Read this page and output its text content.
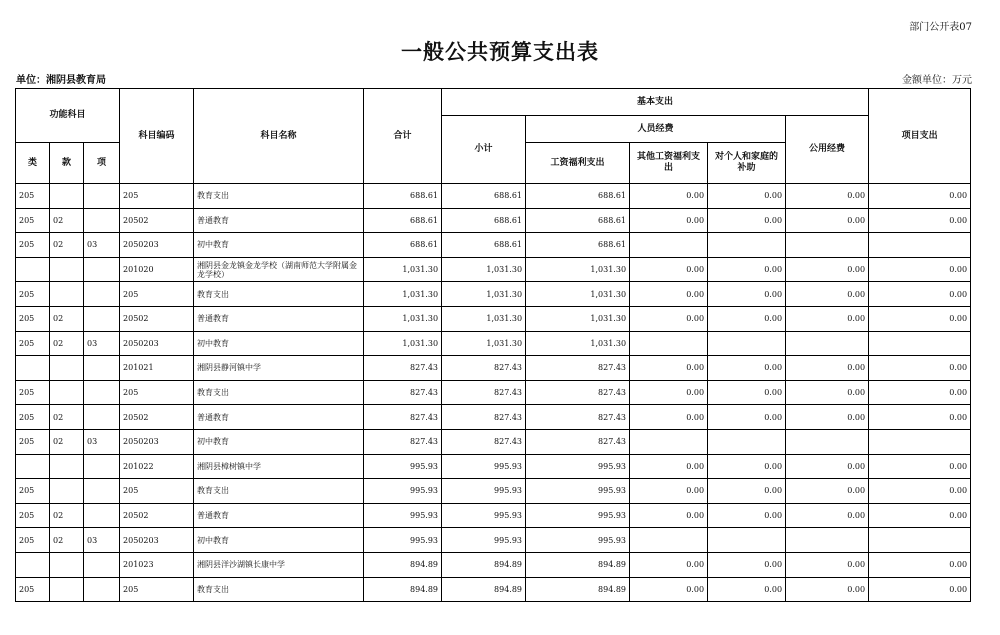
部门公开表07
一般公共预算支出表
单位：湘阴县教育局	金额单位：万元
功能科目			科目编码	科目名称	合计	基本支出					项目支出
						小计	人员经费			公用经费	
类	款	项					工资福利支出	其他工资福利支出	对个人和家庭的补助		
205			205	教育支出	688.61	688.61	688.61	0.00	0.00	0.00	0.00
205	02		20502	普通教育	688.61	688.61	688.61	0.00	0.00	0.00	0.00
205	02	03	2050203	初中教育	688.61	688.61	688.61				
			201020	湘阴县金龙镇金龙学校（湖南师范大学附属金龙学校）	1,031.30	1,031.30	1,031.30	0.00	0.00	0.00	0.00
205			205	教育支出	1,031.30	1,031.30	1,031.30	0.00	0.00	0.00	0.00
205	02		20502	普通教育	1,031.30	1,031.30	1,031.30	0.00	0.00	0.00	0.00
205	02	03	2050203	初中教育	1,031.30	1,031.30	1,031.30				
			201021	湘阴县静河镇中学	827.43	827.43	827.43	0.00	0.00	0.00	0.00
205			205	教育支出	827.43	827.43	827.43	0.00	0.00	0.00	0.00
205	02		20502	普通教育	827.43	827.43	827.43	0.00	0.00	0.00	0.00
205	02	03	2050203	初中教育	827.43	827.43	827.43				
			201022	湘阴县樟树镇中学	995.93	995.93	995.93	0.00	0.00	0.00	0.00
205			205	教育支出	995.93	995.93	995.93	0.00	0.00	0.00	0.00
205	02		20502	普通教育	995.93	995.93	995.93	0.00	0.00	0.00	0.00
205	02	03	2050203	初中教育	995.93	995.93	995.93				
			201023	湘阴县洋沙湖镇长康中学	894.89	894.89	894.89	0.00	0.00	0.00	0.00
205			205	教育支出	894.89	894.89	894.89	0.00	0.00	0.00	0.00
